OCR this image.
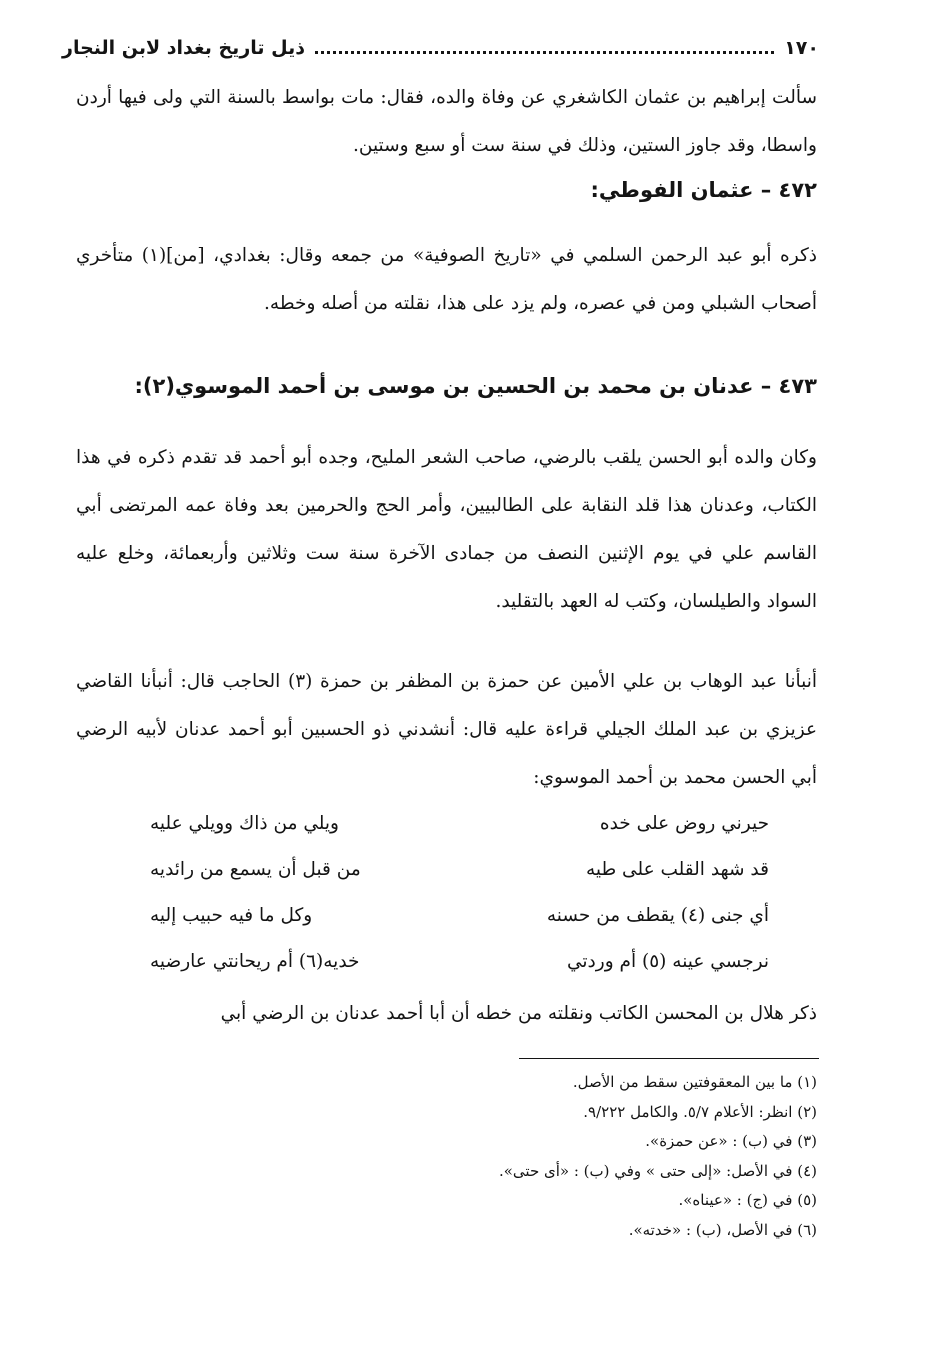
١٧٠
ذيل تاريخ بغداد لابن النجار
سألت إبراهيم بن عثمان الكاشغري عن وفاة والده، فقال: مات بواسط بالسنة التي ولى فيها أردن واسطا، وقد جاوز الستين، وذلك في سنة ست أو سبع وستين.
٤٧٢ – عثمان الفوطي:
ذكره أبو عبد الرحمن السلمي في «تاريخ الصوفية» من جمعه وقال: بغدادي، [من](١) متأخري أصحاب الشبلي ومن في عصره، ولم يزد على هذا، نقلته من أصله وخطه.
٤٧٣ – عدنان بن محمد بن الحسين بن موسى بن أحمد الموسوي(٢):
وكان والده أبو الحسن يلقب بالرضي، صاحب الشعر المليح، وجده أبو أحمد قد تقدم ذكره في هذا الكتاب، وعدنان هذا قلد النقابة على الطالبيين، وأمر الحج والحرمين بعد وفاة عمه المرتضى أبي القاسم علي في يوم الإثنين النصف من جمادى الآخرة سنة ست وثلاثين وأربعمائة، وخلع عليه السواد والطيلسان، وكتب له العهد بالتقليد.
أنبأنا عبد الوهاب بن علي الأمين عن حمزة بن المظفر بن حمزة (٣) الحاجب قال: أنبأنا القاضي عزيزي بن عبد الملك الجيلي قراءة عليه قال: أنشدني ذو الحسبين أبو أحمد عدنان لأبيه الرضي أبي الحسن محمد بن أحمد الموسوي:
حيرني روض على خده
ويلي من ذاك وويلي عليه
قد شهد القلب على طيه
من قبل أن يسمع من رائديه
أي جنى (٤) يقطف من حسنه
وكل ما فيه حبيب إليه
نرجسي عينه (٥) أم وردتي
خديه(٦) أم ريحانتي عارضيه
ذكر هلال بن المحسن الكاتب ونقلته من خطه أن أبا أحمد عدنان بن الرضي أبي
(١) ما بين المعقوفتين سقط من الأصل.
(٢) انظر: الأعلام ٥/٧. والكامل ٩/٢٢٢.
(٣) في (ب) : «عن حمزة».
(٤) في الأصل: «إلى حتى » وفي (ب) : «أى حتى».
(٥) في (ج) : «عيناه».
(٦) في الأصل، (ب) : «خدته».
